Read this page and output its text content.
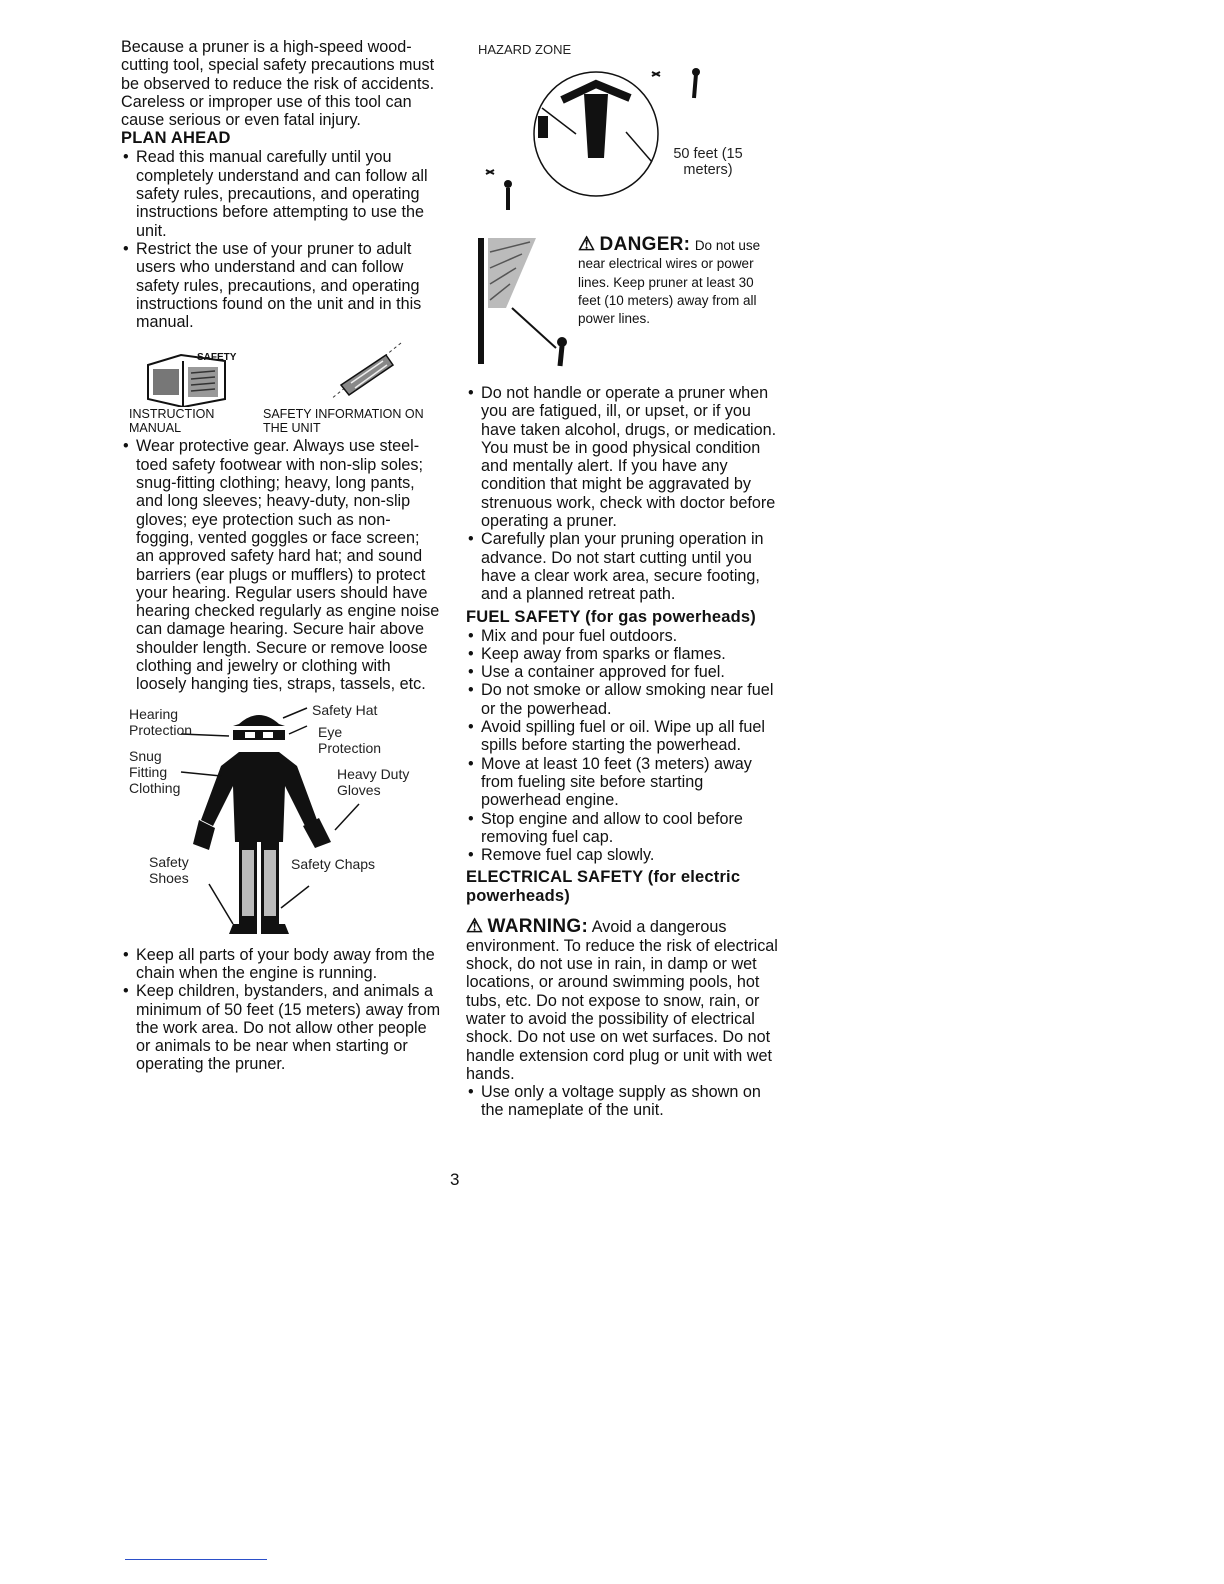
Because a pruner is a high-speed wood-cutting tool, special safety precautions must be observed to reduce the risk of accidents. Careless or improper use of this tool can cause serious or even fatal injury.

PLAN AHEAD
• Read this manual carefully until you completely understand and can follow all safety rules, precautions, and operating instructions before attempting to use the unit.
• Restrict the use of your pruner to adult users who understand and can follow safety rules, precautions, and operating instructions found on the unit and in this manual.
SAFETY
INSTRUCTION MANUAL
SAFETY INFORMATION ON THE UNIT
• Wear protective gear. Always use steel-toed safety footwear with non-slip soles; snug-fitting clothing; heavy, long pants, and long sleeves; heavy-duty, non-slip gloves; eye protection such as non-fogging, vented goggles or face screen; an approved safety hard hat; and sound barriers (ear plugs or mufflers) to protect your hearing. Regular users should have hearing checked regularly as engine noise can damage hearing. Secure hair above shoulder length. Secure or remove loose clothing and jewelry or clothing with loosely hanging ties, straps, tassels, etc.
Hearing Protection
Snug Fitting Clothing
Safety Shoes
Safety Hat
Eye Protection
Heavy Duty Gloves
Safety Chaps
• Keep all parts of your body away from the chain when the engine is running.
• Keep children, bystanders, and animals a minimum of 50 feet (15 meters) away from the work area. Do not allow other people or animals to be near when starting or operating the pruner.
HAZARD ZONE
50 feet (15 meters)
⚠ DANGER: Do not use near electrical wires or power lines. Keep pruner at least 30 feet (10 meters) away from all power lines.
• Do not handle or operate a pruner when you are fatigued, ill, or upset, or if you have taken alcohol, drugs, or medication. You must be in good physical condition and mentally alert. If you have any condition that might be aggravated by strenuous work, check with doctor before operating a pruner.
• Carefully plan your pruning operation in advance. Do not start cutting until you have a clear work area, secure footing, and a planned retreat path.
FUEL SAFETY (for gas powerheads)
• Mix and pour fuel outdoors.
• Keep away from sparks or flames.
• Use a container approved for fuel.
• Do not smoke or allow smoking near fuel or the powerhead.
• Avoid spilling fuel or oil. Wipe up all fuel spills before starting the powerhead.
• Move at least 10 feet (3 meters) away from fueling site before starting powerhead engine.
• Stop engine and allow to cool before removing fuel cap.
• Remove fuel cap slowly.
ELECTRICAL SAFETY (for electric powerheads)

⚠ WARNING: Avoid a dangerous environment. To reduce the risk of electrical shock, do not use in rain, in damp or wet locations, or around swimming pools, hot tubs, etc. Do not expose to snow, rain, or water to avoid the possibility of electrical shock. Do not use on wet surfaces. Do not handle extension cord plug or unit with wet hands.

• Use only a voltage supply as shown on the nameplate of the unit.
3
